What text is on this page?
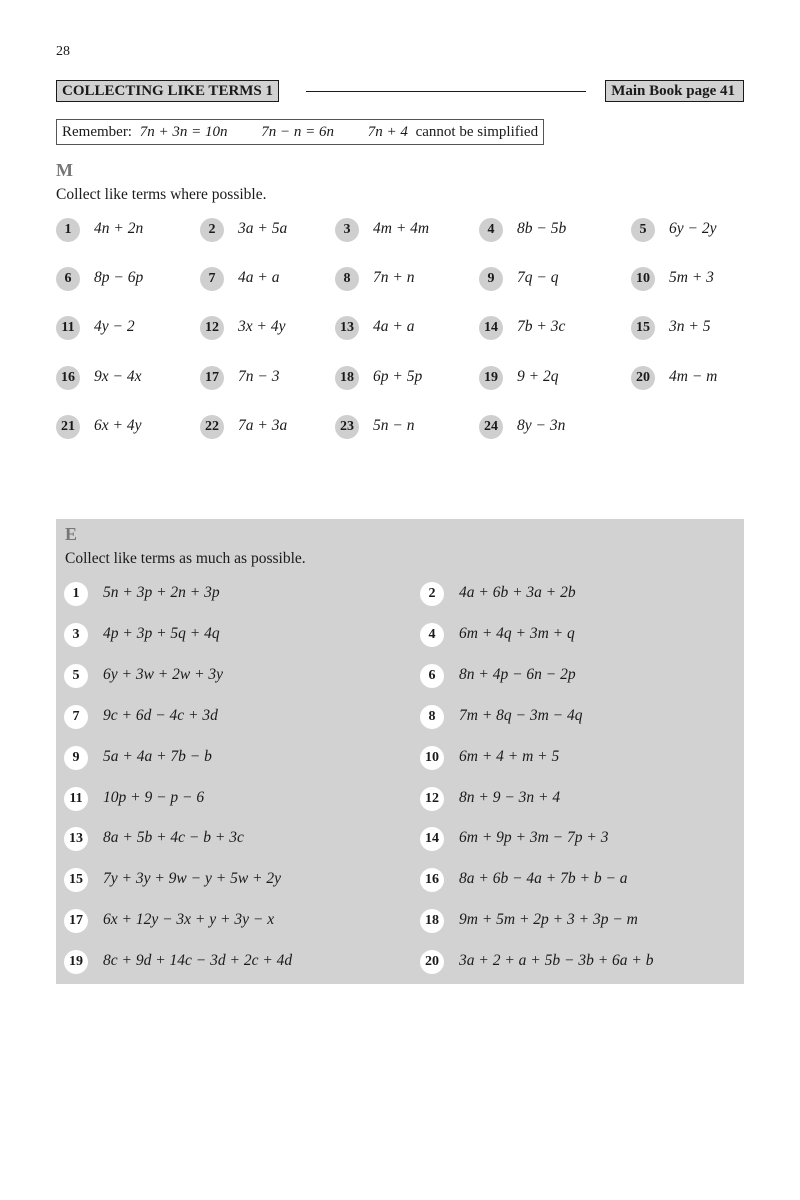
28
COLLECTING LIKE TERMS 1	Main Book page 41
Remember: 7n + 3n = 10n 7n − n = 6n 7n + 4 cannot be simplified
M
Collect like terms where possible.
1	4n + 2n	2	3a + 5a	3	4m + 4m	4	8b − 5b	5	6y − 2y
6	8p − 6p	7	4a + a	8	7n + n	9	7q − q	10	5m + 3
11	4y − 2	12	3x + 4y	13	4a + a	14	7b + 3c	15	3n + 5
16	9x − 4x	17	7n − 3	18	6p + 5p	19	9 + 2q	20	4m − m
21	6x + 4y	22	7a + 3a	23	5n − n	24	8y − 3n
E
Collect like terms as much as possible.
1	5n + 3p + 2n + 3p	2	4a + 6b + 3a + 2b
3	4p + 3p + 5q + 4q	4	6m + 4q + 3m + q
5	6y + 3w + 2w + 3y	6	8n + 4p − 6n − 2p
7	9c + 6d − 4c + 3d	8	7m + 8q − 3m − 4q
9	5a + 4a + 7b − b	10	6m + 4 + m + 5
11	10p + 9 − p − 6	12	8n + 9 − 3n + 4
13	8a + 5b + 4c − b + 3c	14	6m + 9p + 3m − 7p + 3
15	7y + 3y + 9w − y + 5w + 2y	16	8a + 6b − 4a + 7b + b − a
17	6x + 12y − 3x + y + 3y − x	18	9m + 5m + 2p + 3 + 3p − m
19	8c + 9d + 14c − 3d + 2c + 4d	20	3a + 2 + a + 5b − 3b + 6a + b
